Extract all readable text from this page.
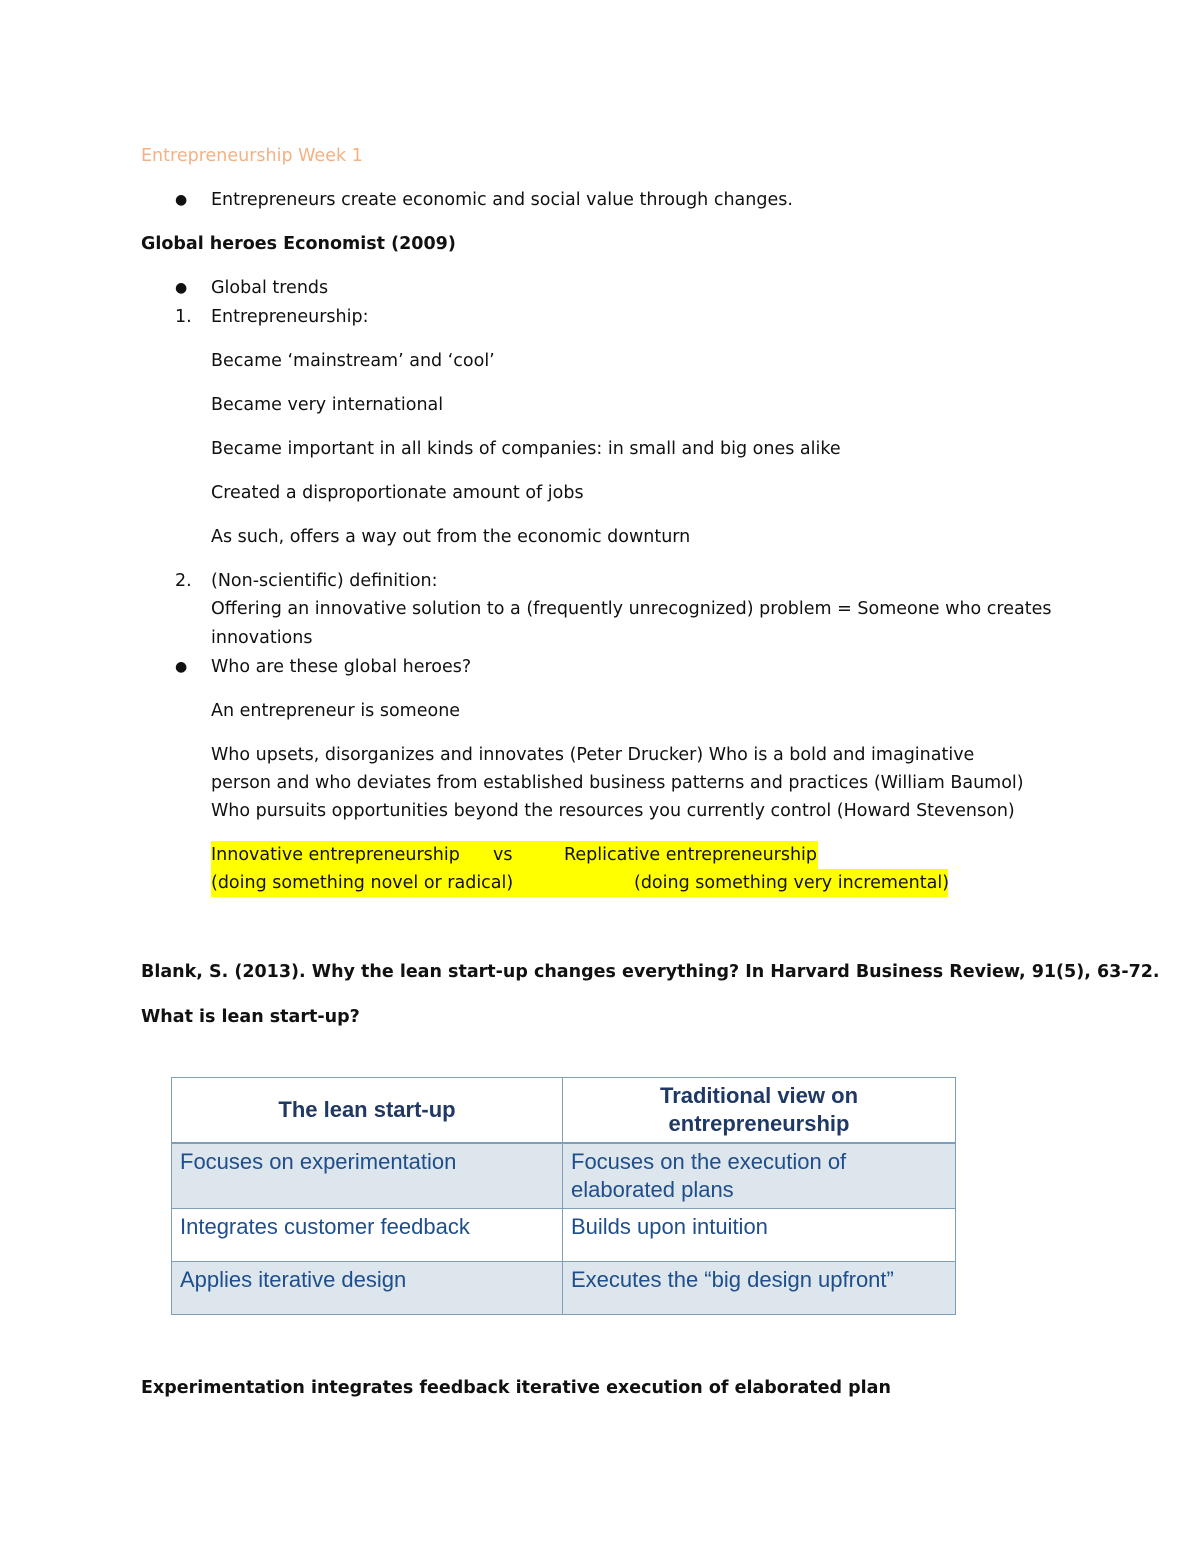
Entrepreneurship Week 1
● Entrepreneurs create economic and social value through changes.
Global heroes Economist (2009)
● Global trends
1. Entrepreneurship:
Became ‘mainstream’ and ‘cool’
Became very international
Became important in all kinds of companies: in small and big ones alike
Created a disproportionate amount of jobs
As such, offers a way out from the economic downturn
2. (Non-scientific) definition:
Offering an innovative solution to a (frequently unrecognized) problem = Someone who creates
innovations
● Who are these global heroes?
An entrepreneur is someone
Who upsets, disorganizes and innovates (Peter Drucker) Who is a bold and imaginative
person and who deviates from established business patterns and practices (William Baumol)
Who pursuits opportunities beyond the resources you currently control (Howard Stevenson)
Innovative entrepreneurship vs	Replicative entrepreneurship
(doing something novel or radical)	(doing something very incremental)
Blank, S. (2013). Why the lean start-up changes everything? In Harvard Business Review, 91(5), 63-72.
What is lean start-up?
The lean start-up	Traditional view on entrepreneurship
Focuses on experimentation	Focuses on the execution of elaborated plans
Integrates customer feedback	Builds upon intuition
Applies iterative design	Executes the “big design upfront”
Experimentation integrates feedback iterative execution of elaborated plan
